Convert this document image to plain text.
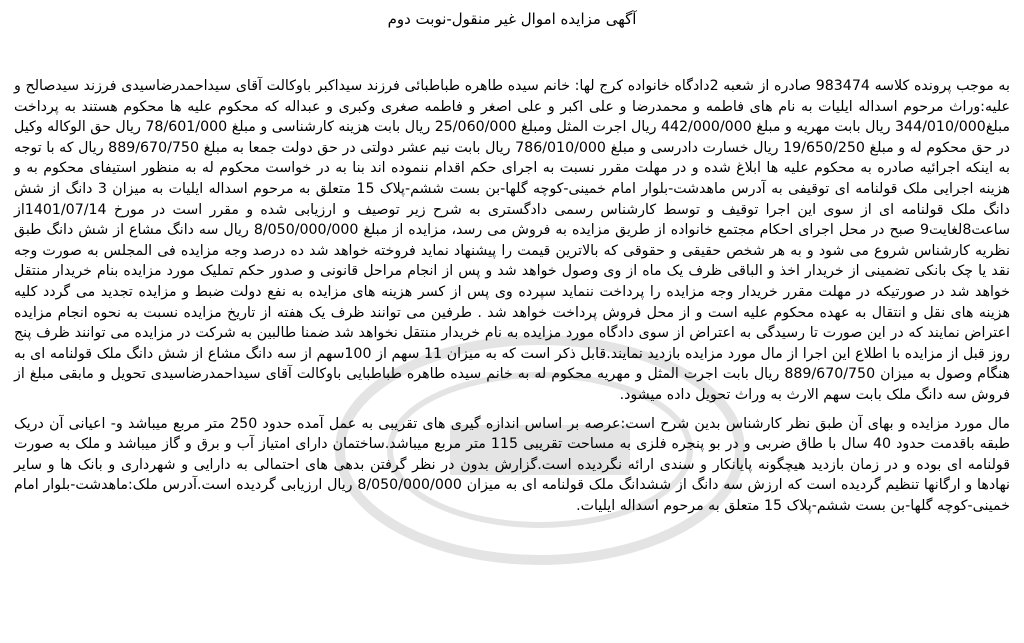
آگهی مزایده اموال غیر منقول-نوبت دوم

به موجب پرونده کلاسه 983474 صادره از شعبه 2دادگاه خانواده کرج لها: خانم سیده طاهره طباطبائی فرزند سیداکبر باوکالت آقای سیداحمدرضاسیدی فرزند سیدصالح و علیه:وراث مرحوم اسداله ایلیات به نام های فاطمه و محمدرضا و علی اکبر و علی اصغر و فاطمه صغری وکبری و عبداله که محکوم علیه ها محکوم هستند به پرداخت مبلغ344/010/000 ریال بابت مهریه و مبلغ 442/000/000 ریال اجرت المثل ومبلغ 25/060/000 ریال بابت هزینه کارشناسی و مبلغ 78/601/000 ریال حق الوکاله وکیل در حق محکوم له و مبلغ 19/650/250 ریال خسارت دادرسی و مبلغ 786/010/000 ریال بابت نیم عشر دولتی در حق دولت جمعا به مبلغ 889/670/750 ریال که با توجه به اینکه اجرائیه صادره به محکوم علیه ها ابلاغ شده و در مهلت مقرر نسبت به اجرای حکم اقدام ننموده اند بنا به در خواست محکوم له به منظور استیفای محکوم به و هزینه اجرایی ملک قولنامه ای توقیفی به آدرس ماهدشت-بلوار امام خمینی-کوچه گلها-بن بست ششم-پلاک 15 متعلق به مرحوم اسداله ایلیات به میزان 3 دانگ از شش دانگ ملک قولنامه ای از سوی این اجرا توقیف و توسط کارشناس رسمی دادگستری به شرح زیر توصیف و ارزیابی شده و مقرر است در مورخ 1401/07/14از ساعت8لغایت9 صبح در محل اجرای احکام مجتمع خانواده از طریق مزایده به فروش می رسد، مزایده از مبلغ 8/050/000/000 ریال سه دانگ مشاع از شش دانگ طبق نظریه کارشناس شروع می شود و به هر شخص حقیقی و حقوقی که بالاترین قیمت را پیشنهاد نماید فروخته خواهد شد ده درصد وجه مزایده فی المجلس به صورت وجه نقد یا چک بانکی تضمینی از خریدار اخذ و الباقی ظرف یک ماه از وی وصول خواهد شد و پس از انجام مراحل قانونی و صدور حکم تملیک مورد مزایده بنام خریدار منتقل خواهد شد در صورتیکه در مهلت مقرر خریدار وجه مزایده را پرداخت ننماید سپرده وی پس از کسر هزینه های مزایده به نفع دولت ضبط و مزایده تجدید می گردد کلیه هزینه های نقل و انتقال به عهده محکوم علیه است و از محل فروش پرداخت خواهد شد . طرفین می توانند ظرف یک هفته از تاریخ مزایده نسبت به نحوه انجام مزایده اعتراض نمایند که در این صورت تا رسیدگی به اعتراض از سوی دادگاه مورد مزایده به نام خریدار منتقل نخواهد شد ضمنا طالبین به شرکت در مزایده می توانند ظرف پنج روز قبل از مزایده با اطلاع این اجرا از مال مورد مزایده بازدید نمایند.قابل ذکر است که به میزان 11 سهم از 100سهم از سه دانگ مشاع از شش دانگ ملک قولنامه ای به هنگام وصول به میزان 889/670/750 ریال بابت اجرت المثل و مهریه محکوم له به خانم سیده طاهره طباطبایی باوکالت آقای سیداحمدرضاسیدی تحویل و مابقی مبلغ از فروش سه دانگ ملک بابت سهم الارث به وراث تحویل داده میشود.

مال مورد مزایده و بهای آن طبق نظر کارشناس بدین شرح است:عرصه بر اساس اندازه گیری های تقریبی به عمل آمده حدود 250 متر مربع میباشد و- اعیانی آن دریک طبقه باقدمت حدود 40 سال با طاق ضربی و در بو پنجره فلزی به مساحت تقریبی 115 متر مربع میباشد.ساختمان دارای امتیاز آب و برق و گاز میباشد و ملک به صورت قولنامه ای بوده و در زمان بازدید هیچگونه پایانکار و سندی ارائه نگردیده است.گزارش بدون در نظر گرفتن بدهی های احتمالی به دارایی و شهرداری و بانک ها و سایر نهادها و ارگانها تنظیم گردیده است که ارزش سه دانگ از ششدانگ ملک قولنامه ای به میزان 8/050/000/000 ریال ارزیابی گردیده است.آدرس ملک:ماهدشت-بلوار امام خمینی-کوچه گلها-بن بست ششم-پلاک 15 متعلق به مرحوم اسداله ایلیات.
